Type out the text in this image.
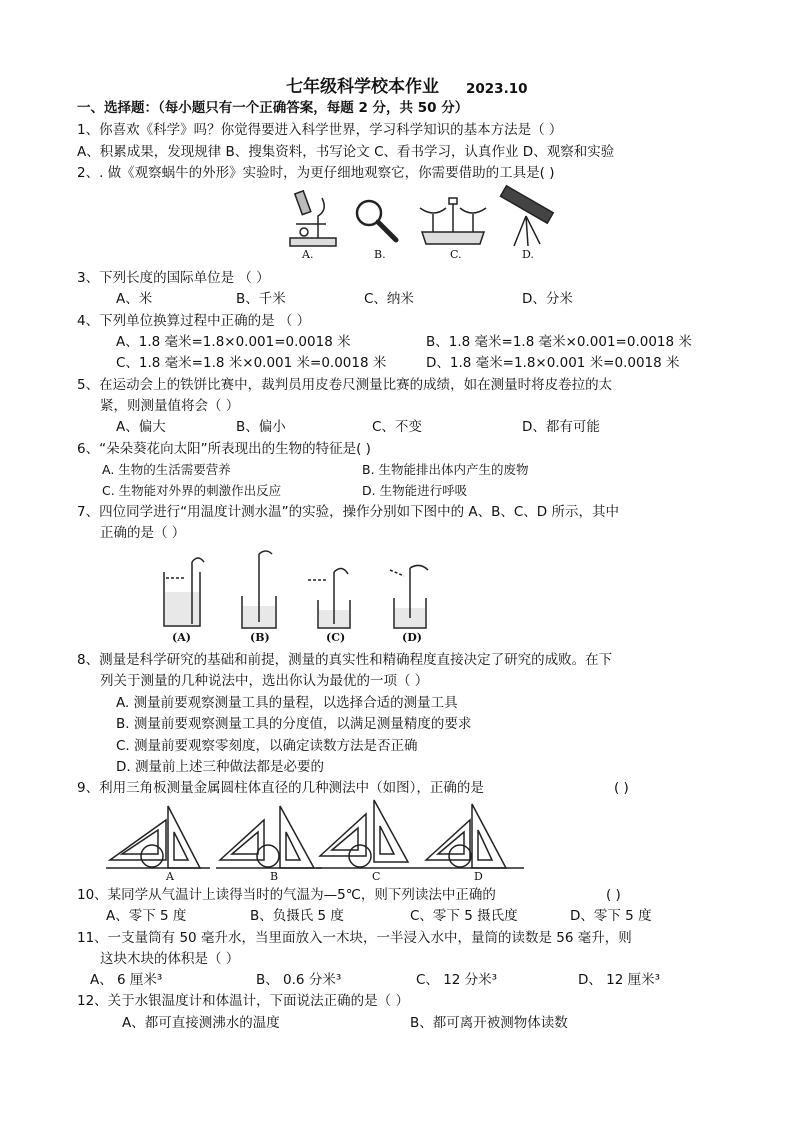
七年级科学校本作业 2023.10
一、选择题：（每小题只有一个正确答案，每题 2 分，共 50 分）
1、你喜欢《科学》吗？你觉得要进入科学世界，学习科学知识的基本方法是（ ）
A、积累成果，发现规律 B、搜集资料，书写论文 C、看书学习，认真作业 D、观察和实验
2、. 做《观察蜗牛的外形》实验时，为更仔细地观察它，你需要借助的工具是( )
A.	B.	C.	D.
3、下列长度的国际单位是 （ ）
A、米	B、千米	C、纳米	D、分米
4、下列单位换算过程中正确的是 （ ）
A、1.8 毫米=1.8×0.001=0.0018 米	B、1.8 毫米=1.8 毫米×0.001=0.0018 米
C、1.8 毫米=1.8 米×0.001 米=0.0018 米	D、1.8 毫米=1.8×0.001 米=0.0018 米
5、在运动会上的铁饼比赛中，裁判员用皮卷尺测量比赛的成绩，如在测量时将皮卷拉的太
紧，则测量值将会（ ）
A、偏大	B、偏小	C、不变	D、都有可能
6、“朵朵葵花向太阳”所表现出的生物的特征是( )
A. 生物的生活需要营养	B. 生物能排出体内产生的废物
C. 生物能对外界的刺激作出反应	D. 生物能进行呼吸
7、四位同学进行“用温度计测水温”的实验，操作分别如下图中的 A、B、C、D 所示，其中
正确的是（ ）
(A)	(B)	(C)	(D)
8、测量是科学研究的基础和前提，测量的真实性和精确程度直接决定了研究的成败。在下
列关于测量的几种说法中，选出你认为最优的一项（ ）
A. 测量前要观察测量工具的量程，以选择合适的测量工具
B. 测量前要观察测量工具的分度值，以满足测量精度的要求
C. 测量前要观察零刻度，以确定读数方法是否正确
D. 测量前上述三种做法都是必要的
9、利用三角板测量金属圆柱体直径的几种测法中（如图），正确的是	( )
A	B	C	D
10、某同学从气温计上读得当时的气温为—5℃，则下列读法中正确的	( )
A、零下 5 度	B、负摄氏 5 度	C、零下 5 摄氏度	D、零下 5 度
11、一支量筒有 50 毫升水，当里面放入一木块，一半浸入水中，量筒的读数是 56 毫升，则
这块木块的体积是（ ）
A、 6 厘米³	B、 0.6 分米³	C、 12 分米³	D、 12 厘米³
12、关于水银温度计和体温计，下面说法正确的是（ ）
A、都可直接测沸水的温度	B、都可离开被测物体读数
